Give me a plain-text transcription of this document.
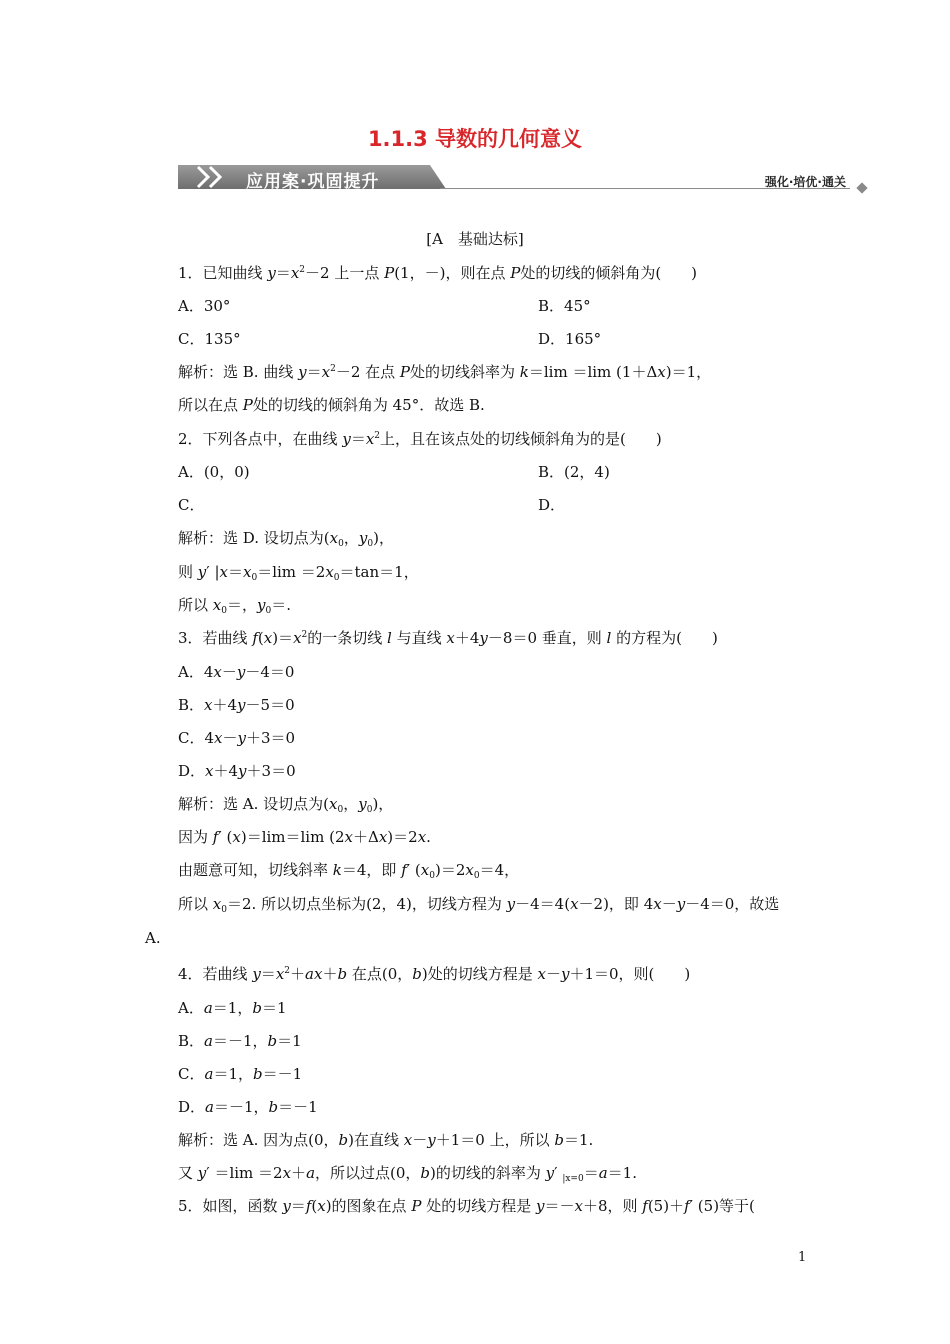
1.1.3 导数的几何意义
应用案·巩固提升	强化·培优·通关
[A　基础达标]
1．已知曲线 $y=x^2-2$ 上一点 P(1，－)，则在点 P处的切线的倾斜角为(　　)
A．30°	B．45°
C．135°	D．165°
解析：选 B. 曲线 $y=x^2-2$ 在点 P处的切线斜率为 k＝lim ＝lim (1＋Δx)＝1，
所以在点 P处的切线的倾斜角为 45°．故选 B.
2．下列各点中，在曲线 $y=x^2$上，且在该点处的切线倾斜角为的是(　　)
A．(0，0)	B．(2，4)
C．	D．
解析：选 D. 设切点为($x_0$，$y_0$)，
则 y′ $|x=x_0=\lim =2x_0=\tan=1$，
所以 $x_0=$，$y_0=$.
3．若曲线 $f(x)=x^2$的一条切线 l 与直线 x＋4y－8＝0 垂直，则 l 的方程为(　　)
A．4x－y－4＝0
B．x＋4y－5＝0
C．4x－y＋3＝0
D．x＋4y＋3＝0
解析：选 A. 设切点为($x_0$，$y_0$)，
因为 f′ (x)＝lim＝lim (2x＋Δx)＝2x.
由题意可知，切线斜率 k＝4，即 f′ $(x_0)=2x_0=4$，
所以 $x_0=2$. 所以切点坐标为(2，4)，切线方程为 y－4＝4(x－2)，即 4x－y－4＝0，故选
A.
4．若曲线 $y=x^2+ax+b$ 在点(0，b)处的切线方程是 x－y＋1＝0，则(　　)
A．a＝1，b＝1
B．a＝－1，b＝1
C．a＝1，b＝－1
D．a＝－1，b＝－1
解析：选 A. 因为点(0，b)在直线 x－y＋1＝0 上，所以 b＝1.
又 y′ ＝lim ＝2x＋a，所以过点(0，b)的切线的斜率为 y′ $_{|x=0}$＝a＝1.
5．如图，函数 y＝f(x)的图象在点 P 处的切线方程是 y＝－x＋8，则 f(5)＋f′ (5)等于(
1
